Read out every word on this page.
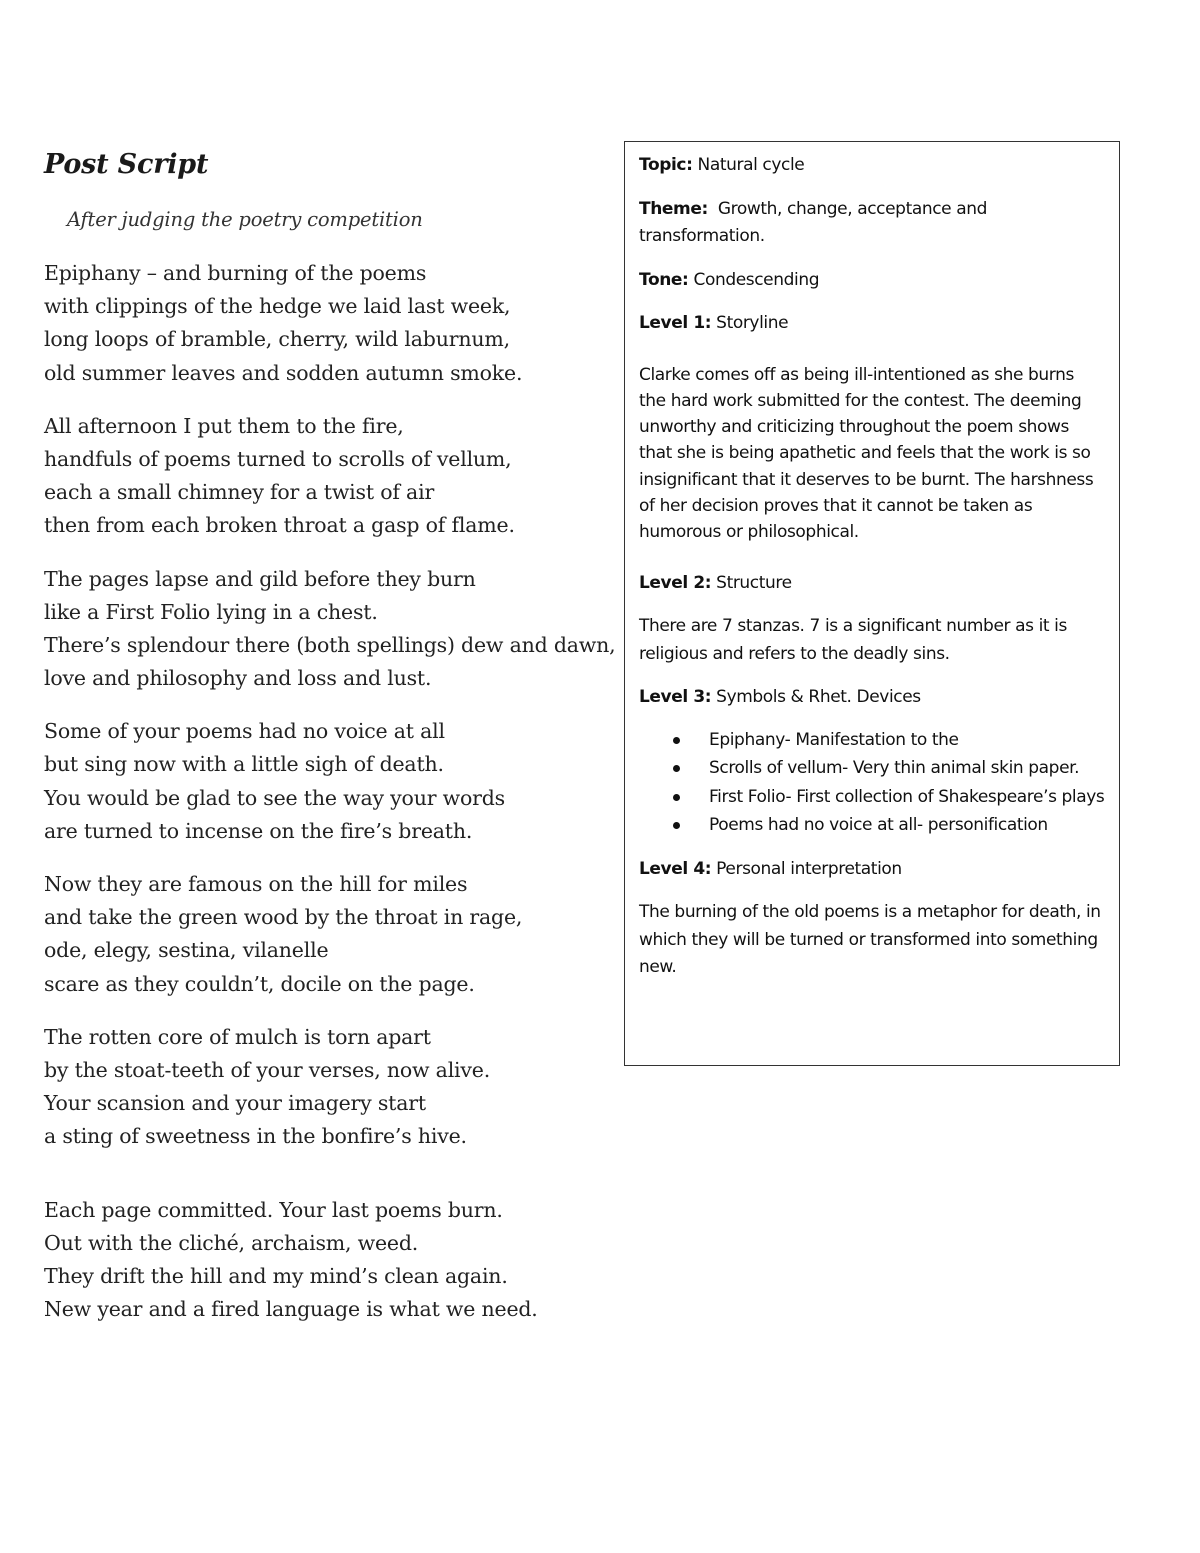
Post Script
After judging the poetry competition
Epiphany – and burning of the poems
with clippings of the hedge we laid last week,
long loops of bramble, cherry, wild laburnum,
old summer leaves and sodden autumn smoke.
All afternoon I put them to the fire,
handfuls of poems turned to scrolls of vellum,
each a small chimney for a twist of air
then from each broken throat a gasp of flame.
The pages lapse and gild before they burn
like a First Folio lying in a chest.
There’s splendour there (both spellings) dew and dawn,
love and philosophy and loss and lust.
Some of your poems had no voice at all
but sing now with a little sigh of death.
You would be glad to see the way your words
are turned to incense on the fire’s breath.
Now they are famous on the hill for miles
and take the green wood by the throat in rage,
ode, elegy, sestina, vilanelle
scare as they couldn’t, docile on the page.
The rotten core of mulch is torn apart
by the stoat-teeth of your verses, now alive.
Your scansion and your imagery start
a sting of sweetness in the bonfire’s hive.
Each page committed. Your last poems burn.
Out with the cliché, archaism, weed.
They drift the hill and my mind’s clean again.
New year and a fired language is what we need.

Topic: Natural cycle

Theme: Growth, change, acceptance and transformation.

Tone: Condescending

Level 1: Storyline

Clarke comes off as being ill-intentioned as she burns the hard work submitted for the contest. The deeming unworthy and criticizing throughout the poem shows that she is being apathetic and feels that the work is so insignificant that it deserves to be burnt. The harshness of her decision proves that it cannot be taken as humorous or philosophical.

Level 2: Structure

There are 7 stanzas. 7 is a significant number as it is religious and refers to the deadly sins.

Level 3: Symbols & Rhet. Devices

Epiphany- Manifestation to the
Scrolls of vellum- Very thin animal skin paper.
First Folio- First collection of Shakespeare’s plays
Poems had no voice at all- personification

Level 4: Personal interpretation

The burning of the old poems is a metaphor for death, in which they will be turned or transformed into something new.
